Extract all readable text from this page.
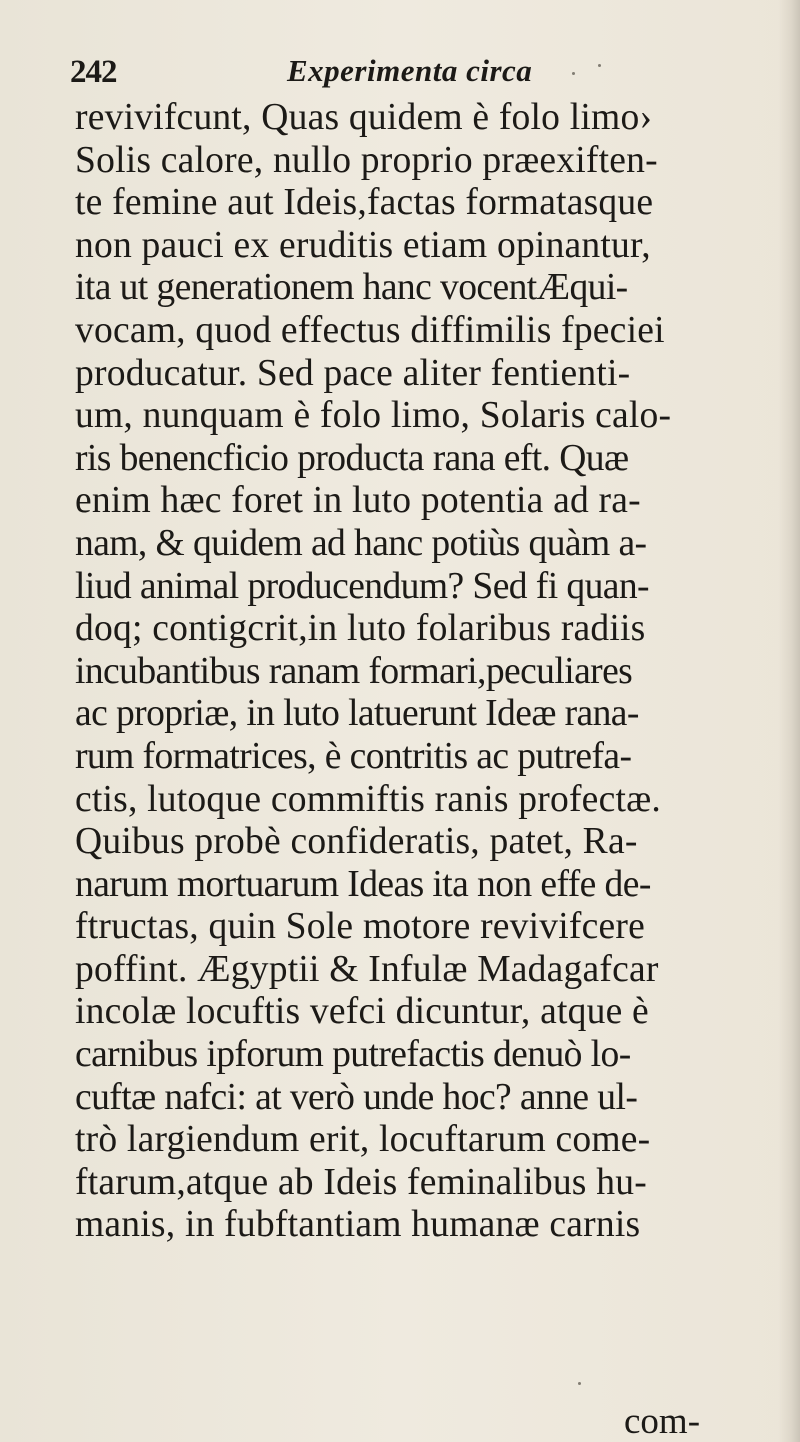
242	Experimenta circa
revivifcunt, Quas quidem è folo limo›
Solis calore, nullo proprio præexiften-
te femine aut Ideis,factas formatasque
non pauci ex eruditis etiam opinantur,
ita ut generationem hanc vocentÆqui-
vocam, quod effectus diffimilis fpeciei
producatur. Sed pace aliter fentienti-
um, nunquam è folo limo, Solaris calo-
ris benencficio producta rana eft. Quæ
enim hæc foret in luto potentia ad ra-
nam, & quidem ad hanc potiùs quàm a-
liud animal producendum? Sed fi quan-
doq; contigcrit,in luto folaribus radiis
incubantibus ranam formari,peculiares
ac propriæ, in luto latuerunt Ideæ rana-
rum formatrices, è contritis ac putrefa-
ctis, lutoque commiftis ranis profectæ.
Quibus probè confideratis, patet, Ra-
narum mortuarum Ideas ita non effe de-
ftructas, quin Sole motore revivifcere
poffint. Ægyptii & Infulæ Madagafcar
incolæ locuftis vefci dicuntur, atque è
carnibus ipforum putrefactis denuò lo-
cuftæ nafci: at verò unde hoc? anne ul-
trò largiendum erit, locuftarum come-
ftarum,atque ab Ideis feminalibus hu-
manis, in fubftantiam humanæ carnis
com-
